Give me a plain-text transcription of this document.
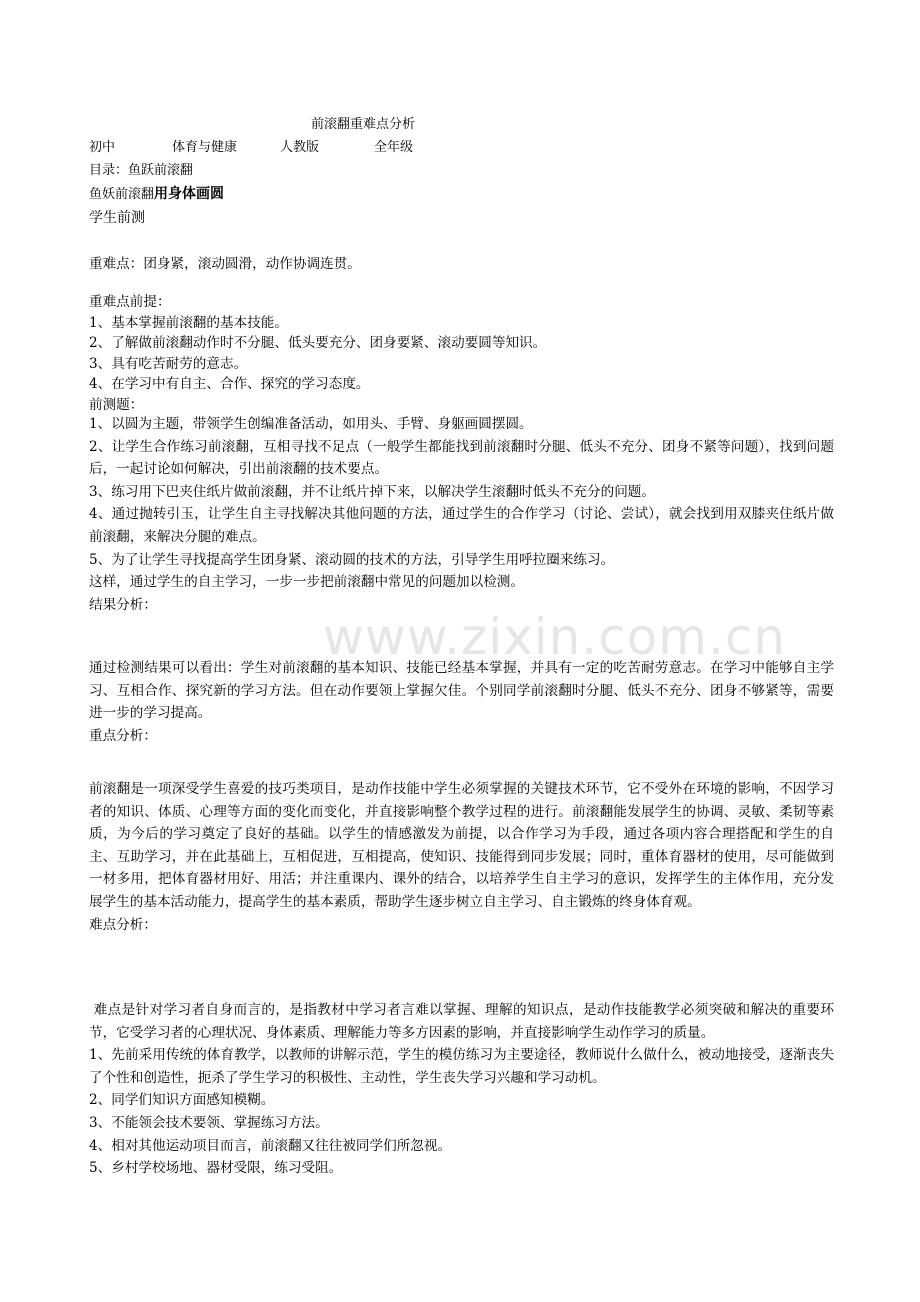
前滚翻重难点分析
初中	体育与健康	人教版	全年级
目录：鱼跃前滚翻
鱼妖前滚翻用身体画圆
学生前测

重难点：团身紧，滚动圆滑，动作协调连贯。

重难点前提：

1、基本掌握前滚翻的基本技能。

2、了解做前滚翻动作时不分腿、低头要充分、团身要紧、滚动要圆等知识。

3、具有吃苦耐劳的意志。

4、在学习中有自主、合作、探究的学习态度。

前测题：

1、以圆为主题，带领学生创编准备活动，如用头、手臂、身躯画圆摆圆。

2、让学生合作练习前滚翻，互相寻找不足点（一般学生都能找到前滚翻时分腿、低头不充分、团身不紧等问题），找到问题后，一起讨论如何解决，引出前滚翻的技术要点。

3、练习用下巴夹住纸片做前滚翻，并不让纸片掉下来，以解决学生滚翻时低头不充分的问题。

4、通过抛转引玉，让学生自主寻找解决其他问题的方法，通过学生的合作学习（讨论、尝试），就会找到用双膝夹住纸片做前滚翻，来解决分腿的难点。

5、为了让学生寻找提高学生团身紧、滚动圆的技术的方法，引导学生用呼拉圈来练习。

这样，通过学生的自主学习，一步一步把前滚翻中常见的问题加以检测。

结果分析：

www.zixin.com.cn

通过检测结果可以看出：学生对前滚翻的基本知识、技能已经基本掌握，并具有一定的吃苦耐劳意志。在学习中能够自主学习、互相合作、探究新的学习方法。但在动作要领上掌握欠佳。个别同学前滚翻时分腿、低头不充分、团身不够紧等，需要进一步的学习提高。

重点分析：

前滚翻是一项深受学生喜爱的技巧类项目，是动作技能中学生必须掌握的关键技术环节，它不受外在环境的影响，不因学习者的知识、体质、心理等方面的变化而变化，并直接影响整个教学过程的进行。前滚翻能发展学生的协调、灵敏、柔韧等素质，为今后的学习奠定了良好的基础。以学生的情感激发为前提，以合作学习为手段，通过各项内容合理搭配和学生的自主、互助学习，并在此基础上，互相促进，互相提高，使知识、技能得到同步发展；同时，重体育器材的使用，尽可能做到一材多用，把体育器材用好、用活；并注重课内、课外的结合，以培养学生自主学习的意识，发挥学生的主体作用，充分发展学生的基本活动能力，提高学生的基本素质，帮助学生逐步树立自主学习、自主锻炼的终身体育观。

难点分析：

难点是针对学习者自身而言的，是指教材中学习者言难以掌握、理解的知识点，是动作技能教学必须突破和解决的重要环节，它受学习者的心理状况、身体素质、理解能力等多方因素的影响，并直接影响学生动作学习的质量。

1、先前采用传统的体育教学，以教师的讲解示范，学生的模仿练习为主要途径，教师说什么做什么，被动地接受，逐渐丧失了个性和创造性，扼杀了学生学习的积极性、主动性，学生丧失学习兴趣和学习动机。

2、同学们知识方面感知模糊。

3、不能领会技术要领、掌握练习方法。

4、相对其他运动项目而言，前滚翻又往往被同学们所忽视。

5、乡村学校场地、器材受限，练习受阻。
